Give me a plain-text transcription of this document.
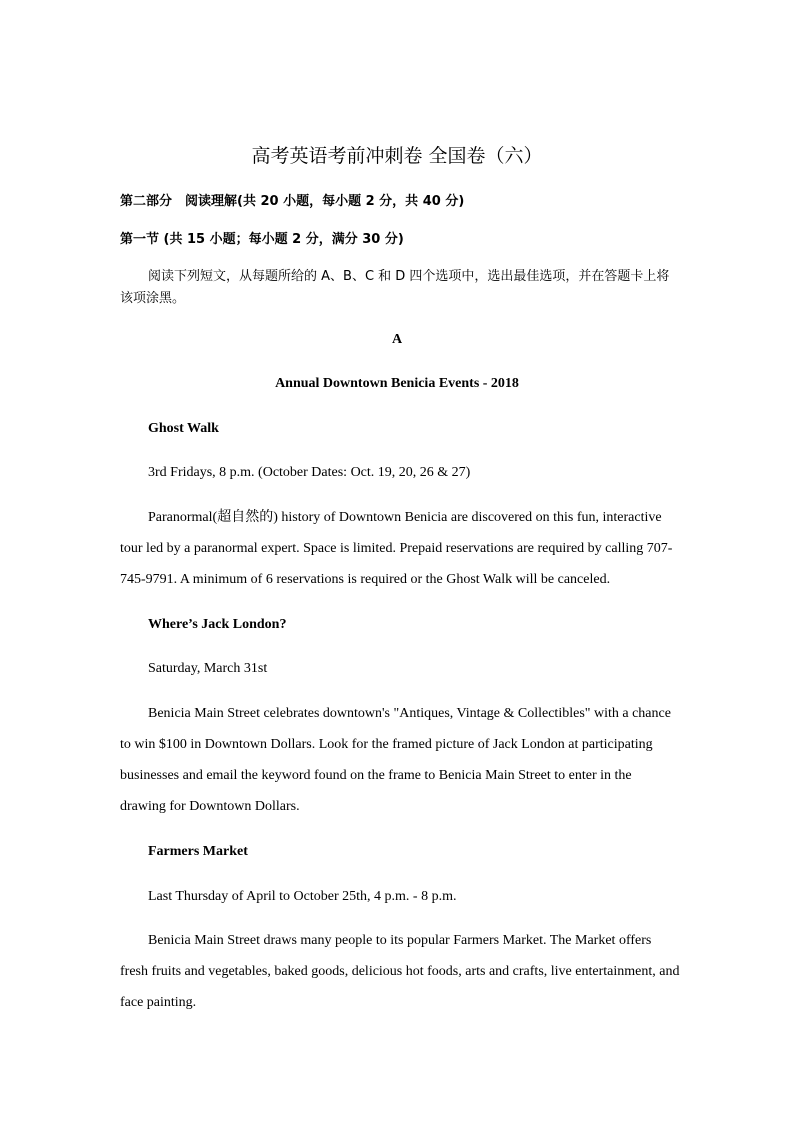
高考英语考前冲刺卷 全国卷（六）
第二部分　阅读理解(共 20 小题，每小题 2 分，共 40 分)
第一节 (共 15 小题；每小题 2 分，满分 30 分)
阅读下列短文，从每题所给的 A、B、C 和 D 四个选项中，选出最佳选项，并在答题卡上将该项涂黑。
A
Annual Downtown Benicia Events - 2018
Ghost Walk
3rd Fridays, 8 p.m. (October Dates: Oct. 19, 20, 26 & 27)
Paranormal(超自然的) history of Downtown Benicia are discovered on this fun, interactive tour led by a paranormal expert. Space is limited. Prepaid reservations are required by calling 707-745-9791. A minimum of 6 reservations is required or the Ghost Walk will be canceled.
Where’s Jack London?
Saturday, March 31st
Benicia Main Street celebrates downtown's "Antiques, Vintage & Collectibles" with a chance to win $100 in Downtown Dollars. Look for the framed picture of Jack London at participating businesses and email the keyword found on the frame to Benicia Main Street to enter in the drawing for Downtown Dollars.
Farmers Market
Last Thursday of April to October 25th, 4 p.m. - 8 p.m.
Benicia Main Street draws many people to its popular Farmers Market. The Market offers fresh fruits and vegetables, baked goods, delicious hot foods, arts and crafts, live entertainment, and face painting.
